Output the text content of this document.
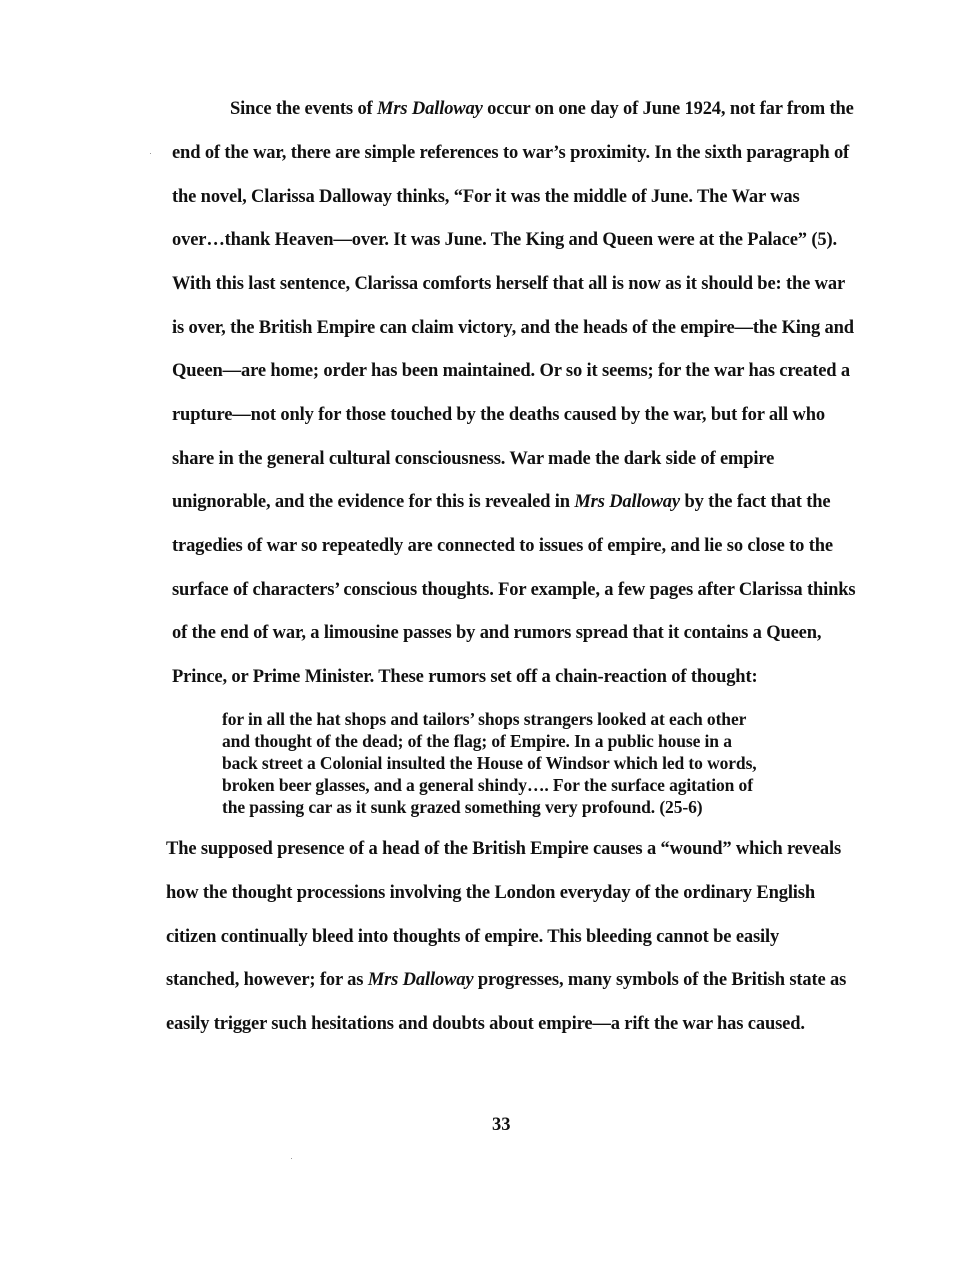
Since the events of Mrs Dalloway occur on one day of June 1924, not far from the

end of the war, there are simple references to war’s proximity. In the sixth paragraph of

the novel, Clarissa Dalloway thinks, “For it was the middle of June. The War was

over…thank Heaven—over. It was June. The King and Queen were at the Palace” (5).

With this last sentence, Clarissa comforts herself that all is now as it should be: the war

is over, the British Empire can claim victory, and the heads of the empire—the King and

Queen—are home; order has been maintained. Or so it seems; for the war has created a

rupture—not only for those touched by the deaths caused by the war, but for all who

share in the general cultural consciousness. War made the dark side of empire

unignorable, and the evidence for this is revealed in Mrs Dalloway by the fact that the

tragedies of war so repeatedly are connected to issues of empire, and lie so close to the

surface of characters’ conscious thoughts. For example, a few pages after Clarissa thinks

of the end of war, a limousine passes by and rumors spread that it contains a Queen,

Prince, or Prime Minister. These rumors set off a chain-reaction of thought:

for in all the hat shops and tailors’ shops strangers looked at each other

and thought of the dead; of the flag; of Empire. In a public house in a

back street a Colonial insulted the House of Windsor which led to words,

broken beer glasses, and a general shindy…. For the surface agitation of

the passing car as it sunk grazed something very profound. (25-6)

The supposed presence of a head of the British Empire causes a “wound” which reveals

how the thought processions involving the London everyday of the ordinary English

citizen continually bleed into thoughts of empire. This bleeding cannot be easily

stanched, however; for as Mrs Dalloway progresses, many symbols of the British state as

easily trigger such hesitations and doubts about empire—a rift the war has caused.

33
